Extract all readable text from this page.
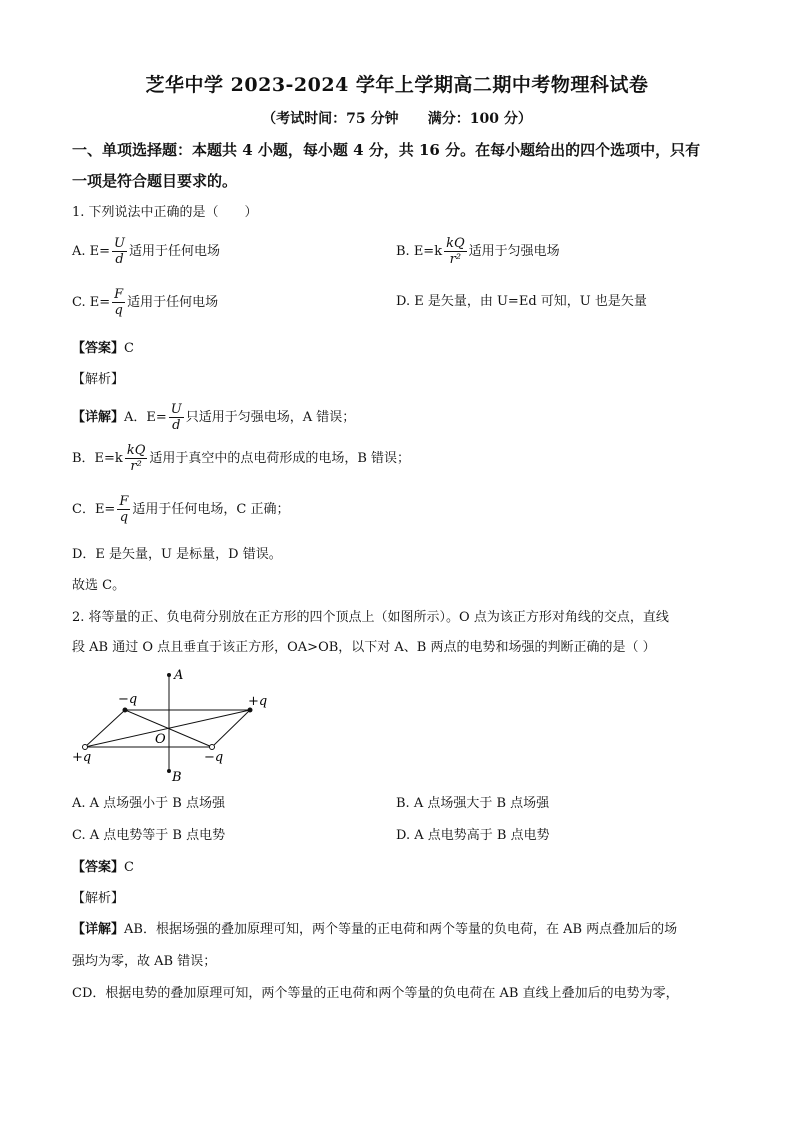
芝华中学 2023-2024 学年上学期高二期中考物理科试卷
（考试时间：75 分钟      满分：100 分）
一、单项选择题：本题共 4 小题，每小题 4 分，共 16 分。在每小题给出的四个选项中，只有
一项是符合题目要求的。
1. 下列说法中正确的是（　　）
A. $E= \frac{U}{d}$ 适用于任何电场	B. $E=k \frac{kQ}{\text{r²}}$ 适用于匀强电场
C. $E= \frac{F}{q}$ 适用于任何电场	D. E 是矢量，由 U=Ed 可知，U 也是矢量
【答案】C
【解析】
【详解】A．$E= \frac{U}{d}$ 只适用于匀强电场，A 错误；
B．$E=k \frac{kQ}{\text{r²}}$ 适用于真空中的点电荷形成的电场，B 错误；
C．$E= \frac{F}{q}$ 适用于任何电场，C 正确；
D．E 是矢量，U 是标量，D 错误。
故选 C。
2. 将等量的正、负电荷分别放在正方形的四个顶点上（如图所示）。O 点为该正方形对角线的交点，直线
段 AB 通过 O 点且垂直于该正方形，OA>OB，以下对 A、B 两点的电势和场强的判断正确的是（ ）
A
B
O
−q	+q
+q	−q
A. A 点场强小于 B 点场强	B. A 点场强大于 B 点场强
C. A 点电势等于 B 点电势	D. A 点电势高于 B 点电势
【答案】C
【解析】
【详解】AB．根据场强的叠加原理可知，两个等量的正电荷和两个等量的负电荷，在 AB 两点叠加后的场
强均为零，故 AB 错误；
CD．根据电势的叠加原理可知，两个等量的正电荷和两个等量的负电荷在 AB 直线上叠加后的电势为零，
